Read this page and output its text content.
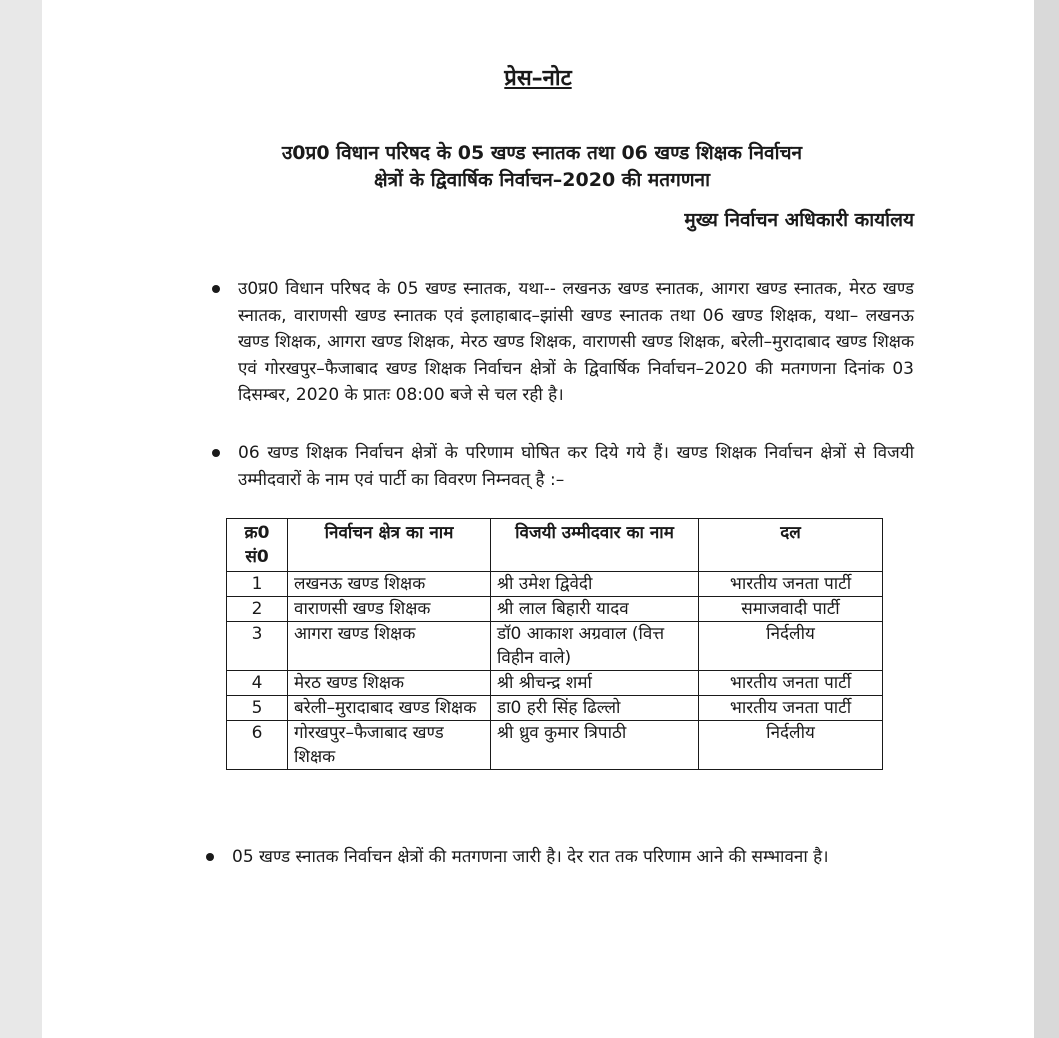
प्रेस–नोट
उ0प्र0 विधान परिषद के 05 खण्ड स्नातक तथा 06 खण्ड शिक्षक निर्वाचन
क्षेत्रों के द्विवार्षिक निर्वाचन–2020 की मतगणना
मुख्य निर्वाचन अधिकारी कार्यालय
उ0प्र0 विधान परिषद के 05 खण्ड स्नातक, यथा-- लखनऊ खण्ड स्नातक, आगरा खण्ड स्नातक, मेरठ खण्ड स्नातक, वाराणसी खण्ड स्नातक एवं इलाहाबाद–झांसी खण्ड स्नातक तथा 06 खण्ड शिक्षक, यथा– लखनऊ खण्ड शिक्षक, आगरा खण्ड शिक्षक, मेरठ खण्ड शिक्षक, वाराणसी खण्ड शिक्षक, बरेली–मुरादाबाद खण्ड शिक्षक एवं गोरखपुर–फैजाबाद खण्ड शिक्षक निर्वाचन क्षेत्रों के द्विवार्षिक निर्वाचन–2020 की मतगणना दिनांक 03 दिसम्बर, 2020 के प्रातः 08:00 बजे से चल रही है।
06 खण्ड शिक्षक निर्वाचन क्षेत्रों के परिणाम घोषित कर दिये गये हैं। खण्ड शिक्षक निर्वाचन क्षेत्रों से विजयी उम्मीदवारों के नाम एवं पार्टी का विवरण निम्नवत् है :–
क्र0 सं0	निर्वाचन क्षेत्र का नाम	विजयी उम्मीदवार का नाम	दल
1	लखनऊ खण्ड शिक्षक	श्री उमेश द्विवेदी	भारतीय जनता पार्टी
2	वाराणसी खण्ड शिक्षक	श्री लाल बिहारी यादव	समाजवादी पार्टी
3	आगरा खण्ड शिक्षक	डॉ0 आकाश अग्रवाल (वित्त विहीन वाले)	निर्दलीय
4	मेरठ खण्ड शिक्षक	श्री श्रीचन्द्र शर्मा	भारतीय जनता पार्टी
5	बरेली–मुरादाबाद खण्ड शिक्षक	डा0 हरी सिंह ढिल्लो	भारतीय जनता पार्टी
6	गोरखपुर–फैजाबाद खण्ड शिक्षक	श्री ध्रुव कुमार त्रिपाठी	निर्दलीय
05 खण्ड स्नातक निर्वाचन क्षेत्रों की मतगणना जारी है। देर रात तक परिणाम आने की सम्भावना है।
